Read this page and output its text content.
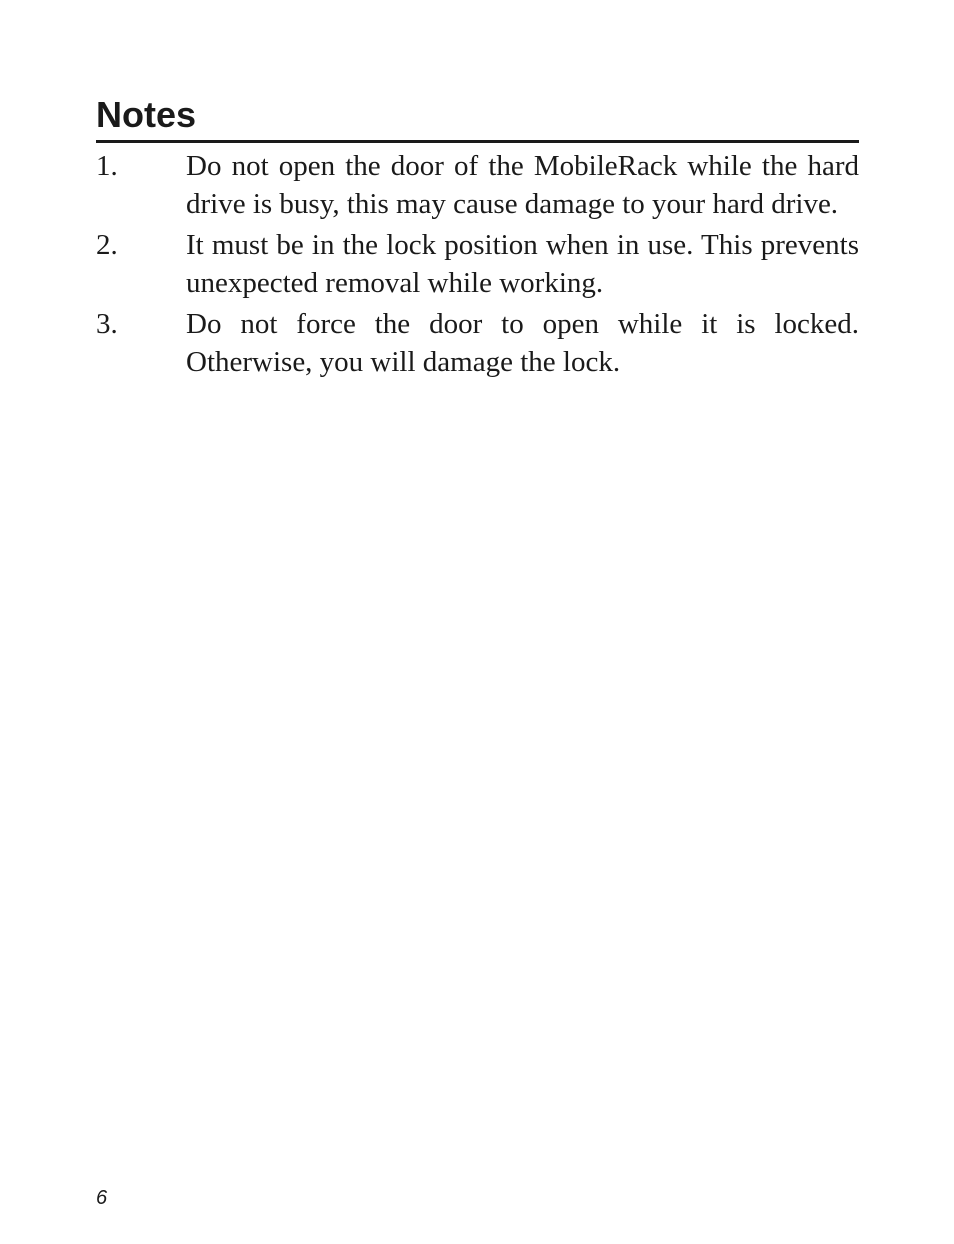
Notes
1. Do not open the door of the MobileRack while the hard drive is busy, this may cause damage to your hard drive.
2. It must be in the lock position when in use. This prevents unexpected removal while working.
3. Do not force the door to open while it is locked. Otherwise, you will damage the lock.
6
